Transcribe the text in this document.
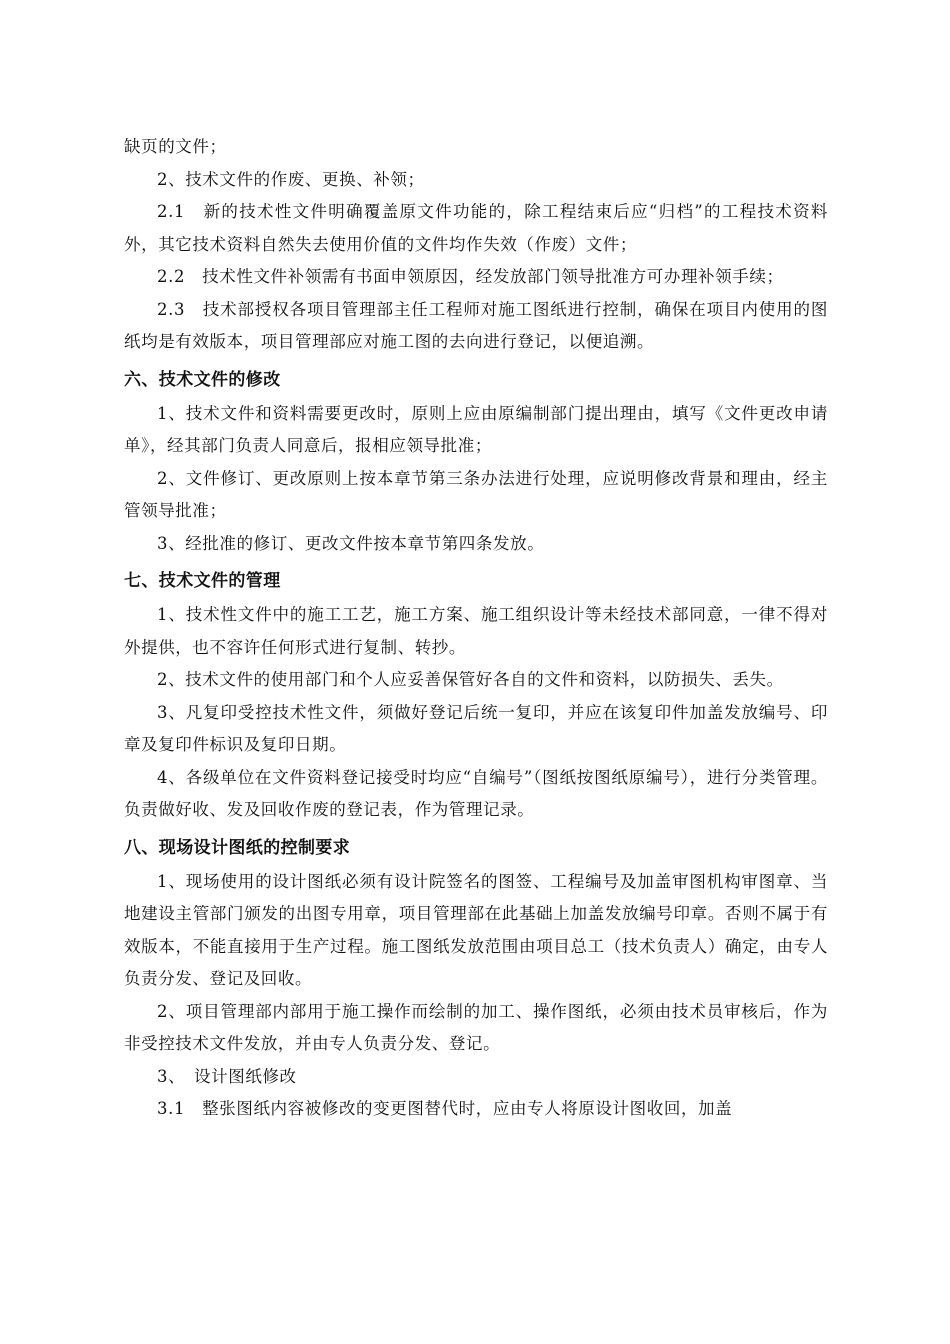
缺页的文件；

2、技术文件的作废、更换、补领；

2.1　新的技术性文件明确覆盖原文件功能的，除工程结束后应“归档”的工程技术资料外，其它技术资料自然失去使用价值的文件均作失效（作废）文件；

2.2　技术性文件补领需有书面申领原因，经发放部门领导批准方可办理补领手续；

2.3　技术部授权各项目管理部主任工程师对施工图纸进行控制，确保在项目内使用的图纸均是有效版本，项目管理部应对施工图的去向进行登记，以便追溯。

六、技术文件的修改

1、技术文件和资料需要更改时，原则上应由原编制部门提出理由，填写《文件更改申请单》，经其部门负责人同意后，报相应领导批准；

2、文件修订、更改原则上按本章节第三条办法进行处理，应说明修改背景和理由，经主管领导批准；

3、经批准的修订、更改文件按本章节第四条发放。

七、技术文件的管理

1、技术性文件中的施工工艺，施工方案、施工组织设计等未经技术部同意，一律不得对外提供，也不容许任何形式进行复制、转抄。

2、技术文件的使用部门和个人应妥善保管好各自的文件和资料，以防损失、丢失。

3、凡复印受控技术性文件，须做好登记后统一复印，并应在该复印件加盖发放编号、印章及复印件标识及复印日期。

4、各级单位在文件资料登记接受时均应“自编号”（图纸按图纸原编号），进行分类管理。负责做好收、发及回收作废的登记表，作为管理记录。

八、现场设计图纸的控制要求

1、现场使用的设计图纸必须有设计院签名的图签、工程编号及加盖审图机构审图章、当地建设主管部门颁发的出图专用章，项目管理部在此基础上加盖发放编号印章。否则不属于有效版本，不能直接用于生产过程。施工图纸发放范围由项目总工（技术负责人）确定，由专人负责分发、登记及回收。

2、项目管理部内部用于施工操作而绘制的加工、操作图纸，必须由技术员审核后，作为非受控技术文件发放，并由专人负责分发、登记。

3、　设计图纸修改

3.1　整张图纸内容被修改的变更图替代时，应由专人将原设计图收回，加盖
